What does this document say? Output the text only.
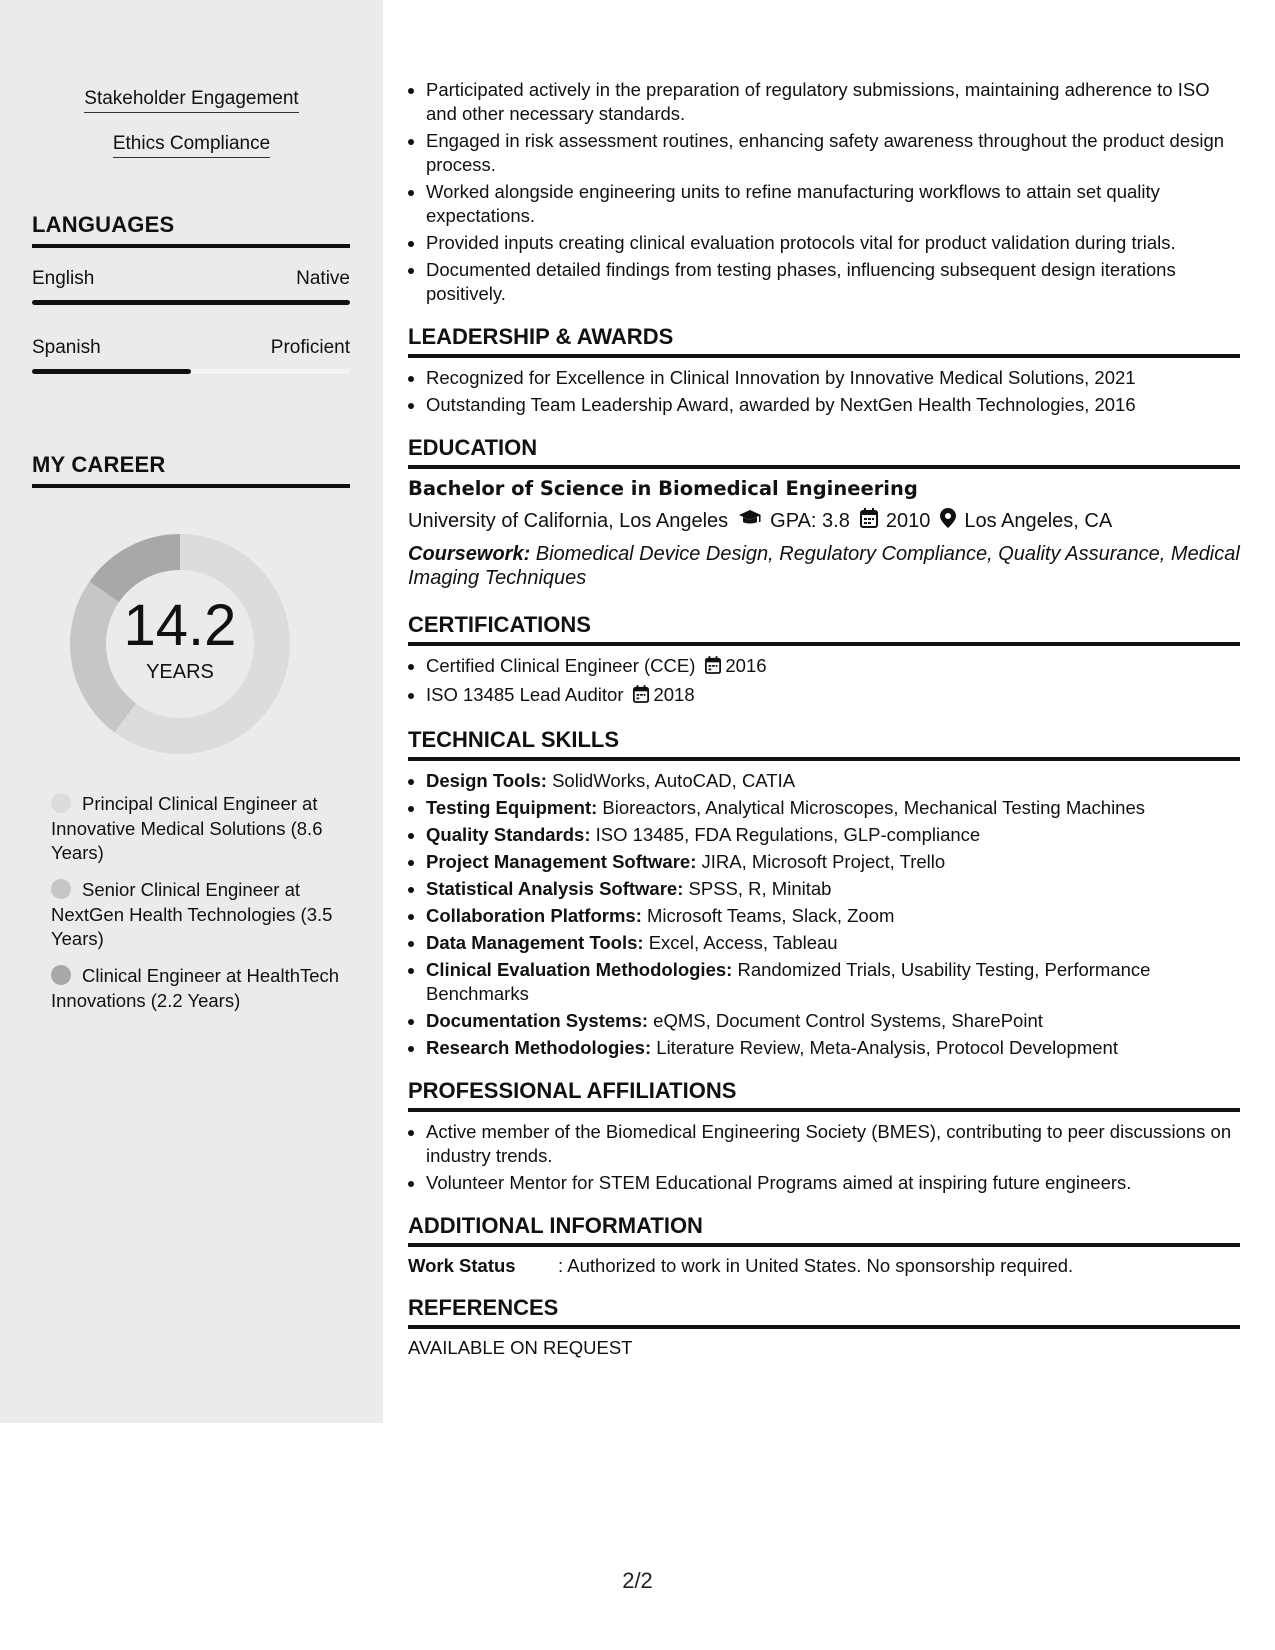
Stakeholder Engagement
Ethics Compliance
LANGUAGES
English	Native
Spanish	Proficient
MY CAREER
14.2
YEARS
Principal Clinical Engineer at Innovative Medical Solutions (8.6 Years)
Senior Clinical Engineer at NextGen Health Technologies (3.5 Years)
Clinical Engineer at HealthTech Innovations (2.2 Years)
Participated actively in the preparation of regulatory submissions, maintaining adherence to ISO and other necessary standards.
Engaged in risk assessment routines, enhancing safety awareness throughout the product design process.
Worked alongside engineering units to refine manufacturing workflows to attain set quality expectations.
Provided inputs creating clinical evaluation protocols vital for product validation during trials.
Documented detailed findings from testing phases, influencing subsequent design iterations positively.
LEADERSHIP & AWARDS
Recognized for Excellence in Clinical Innovation by Innovative Medical Solutions, 2021
Outstanding Team Leadership Award, awarded by NextGen Health Technologies, 2016
EDUCATION
Bachelor of Science in Biomedical Engineering
University of California, Los Angeles GPA: 3.8 2010 Los Angeles, CA
Coursework: Biomedical Device Design, Regulatory Compliance, Quality Assurance, Medical Imaging Techniques
CERTIFICATIONS
Certified Clinical Engineer (CCE) 2016
ISO 13485 Lead Auditor 2018
TECHNICAL SKILLS
Design Tools: SolidWorks, AutoCAD, CATIA
Testing Equipment: Bioreactors, Analytical Microscopes, Mechanical Testing Machines
Quality Standards: ISO 13485, FDA Regulations, GLP-compliance
Project Management Software: JIRA, Microsoft Project, Trello
Statistical Analysis Software: SPSS, R, Minitab
Collaboration Platforms: Microsoft Teams, Slack, Zoom
Data Management Tools: Excel, Access, Tableau
Clinical Evaluation Methodologies: Randomized Trials, Usability Testing, Performance Benchmarks
Documentation Systems: eQMS, Document Control Systems, SharePoint
Research Methodologies: Literature Review, Meta-Analysis, Protocol Development
PROFESSIONAL AFFILIATIONS
Active member of the Biomedical Engineering Society (BMES), contributing to peer discussions on industry trends.
Volunteer Mentor for STEM Educational Programs aimed at inspiring future engineers.
ADDITIONAL INFORMATION
Work Status	: Authorized to work in United States. No sponsorship required.
REFERENCES
AVAILABLE ON REQUEST
2/2
